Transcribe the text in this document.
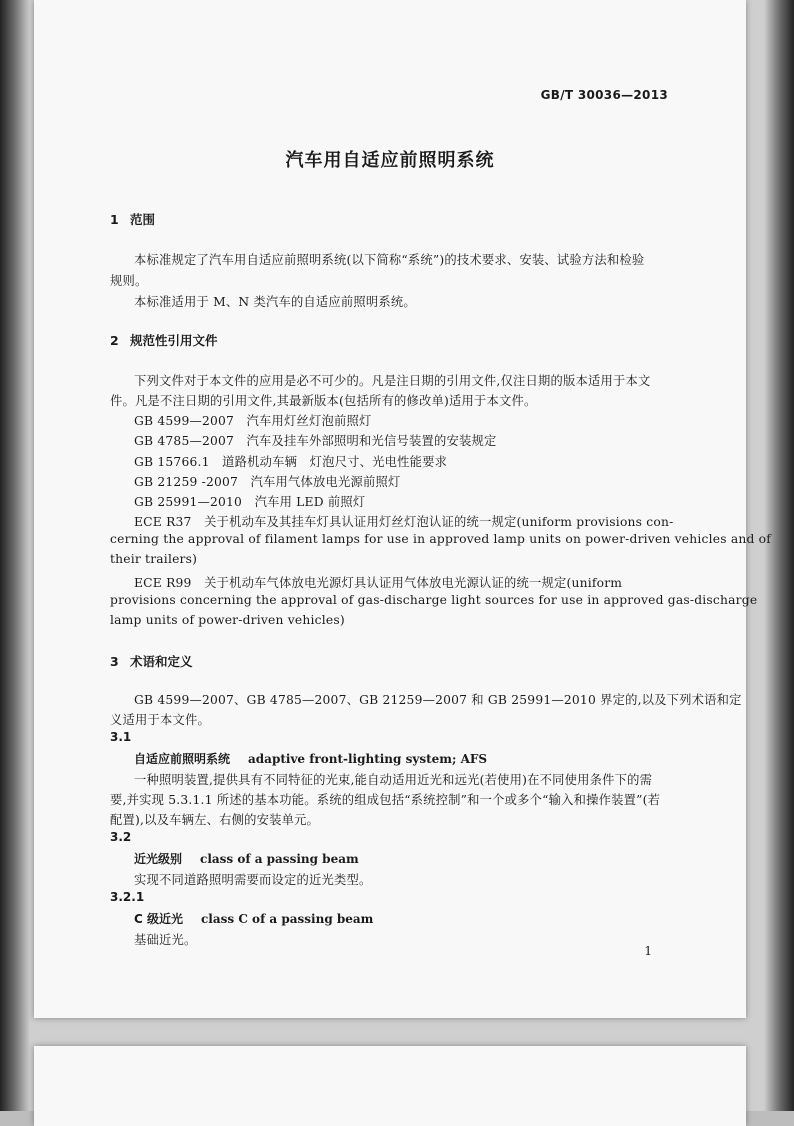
GB/T 30036—2013
汽车用自适应前照明系统
1 范围
本标准规定了汽车用自适应前照明系统(以下简称“系统”)的技术要求、安装、试验方法和检验
规则。
本标准适用于 M、N 类汽车的自适应前照明系统。
2 规范性引用文件
下列文件对于本文件的应用是必不可少的。凡是注日期的引用文件,仅注日期的版本适用于本文
件。凡是不注日期的引用文件,其最新版本(包括所有的修改单)适用于本文件。
GB 4599—2007　汽车用灯丝灯泡前照灯
GB 4785—2007　汽车及挂车外部照明和光信号装置的安装规定
GB 15766.1　道路机动车辆　灯泡尺寸、光电性能要求
GB 21259 -2007　汽车用气体放电光源前照灯
GB 25991—2010　汽车用 LED 前照灯
ECE R37　关于机动车及其挂车灯具认证用灯丝灯泡认证的统一规定(uniform provisions con-
cerning the approval of filament lamps for use in approved lamp units on power-driven vehicles and of
their trailers)
ECE R99　关于机动车气体放电光源灯具认证用气体放电光源认证的统一规定(uniform
provisions concerning the approval of gas-discharge light sources for use in approved gas-discharge
lamp units of power-driven vehicles)
3 术语和定义
GB 4599—2007、GB 4785—2007、GB 21259—2007 和 GB 25991—2010 界定的,以及下列术语和定
义适用于本文件。
3.1
自适应前照明系统 adaptive front-lighting system; AFS
一种照明装置,提供具有不同特征的光束,能自动适用近光和远光(若使用)在不同使用条件下的需
要,并实现 5.3.1.1 所述的基本功能。系统的组成包括“系统控制”和一个或多个“输入和操作装置”(若
配置),以及车辆左、右侧的安装单元。
3.2
近光级别 class of a passing beam
实现不同道路照明需要而设定的近光类型。
3.2.1
C 级近光 class C of a passing beam
基础近光。
1
